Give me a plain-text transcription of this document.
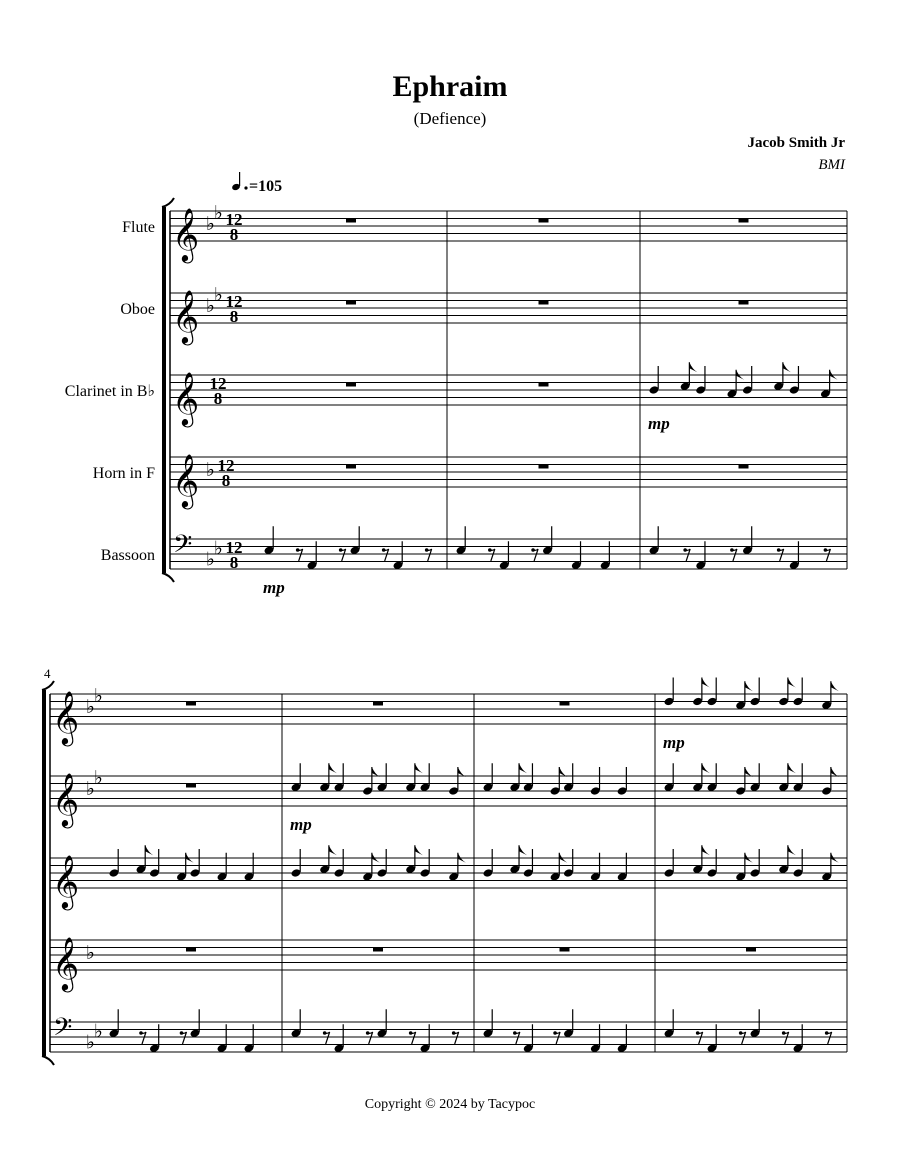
Ephraim
(Defience)
Jacob Smith Jr
BMI
Flute 𝄞 ♭
♭ 12
8
Oboe 𝄞 ♭
♭ 12
8
Clarinet in B♭ 𝄞 12
8
Horn in F 𝄞 ♭ 12
8
Bassoon 𝄢 ♭
♭ 12
8
mp
mp
4
𝄞 ♭
♭
𝄞 ♭
♭
𝄞
𝄞 ♭
𝄢 ♭
♭
mp
mp
=105
Copyright © 2024 by Tacypoc
